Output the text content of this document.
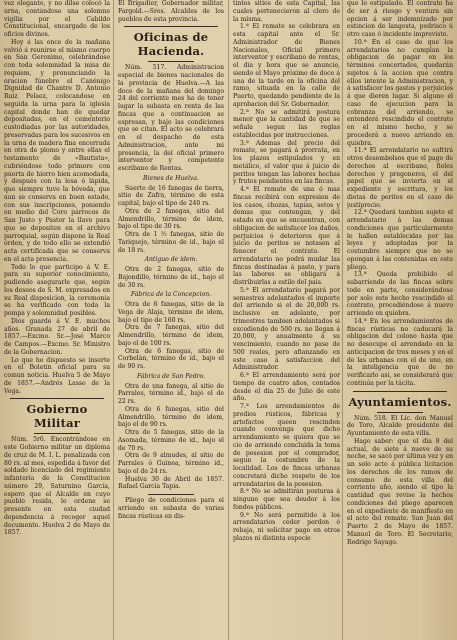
vez elegante, y no dilse colocó la urna, contándose una solemne vigilia por el Cabildo Constitucional, encargado de los oficios divinos.

Hoy á las once de la mañana volvió á reunirse el mismo cuerpo en San Geronimo, celebrándose con toda solemnidad la misa de requiem, y pronunciando la oracion fúnebre el Canónigo Dignidad de Chantre D. Antonio Ruiz Pelaez, colocandose en seguida la urna para la iglesia capital donde han de quedar depositadas, en el cementerio custodiadas por las autoridades, preservadas para los sucesivos en la urna de madera fina encerrada en otra de plomo y entre ellas el testamento de «Bautista», cubriéndose todo primero con puerta de hierro bien acomodada, y después con la losa ó lápida, que siempre tuvo la bóveda, que aun se conserva en buen estado, con sus inscripciones, poniendo en medio del Coro párrocos de San Justo y Pastor la llave para que se depositen en el archivo parroquial, según dispone la Real órden, y de todo ello se extendió acta certificada que se conserva en el acta presencia.

Todo lo que participo á V. E. para su superior conocimiento, pudiendo asegurarle que, según los deseos de S. M. expresados en su Real disposicion, la ceremonia se ha verificado con toda la pompa y solemnidad posibles.

Dios guarde á V. E. muchos años. Granada 27 de abril de 1857.—Excmo. Sr.—José Marco de Campos.—Excmo. Sr. Ministro de la Gobernacion.

Lo que he dispuesto se inserte en el Boletin oficial para su comun noticia. Huelva 5 de Mayo de 1857.—Andrés Lasso de la Vega.

Gobierno Militar

Núm. 5r6. Encontrándose en este Gobierno militar un diploma de cruz de M. I. L. penalizada con 80 rs. al mes, espedida á favor del soldado licenciado del regimiento infantería de la Constitucion número 29, Saturnino García, espero que el Alcalde en cuyo pueblo resida, le ordene se presente en esta ciudad dependencia á recoger aquel documento. Huelva 2 de Mayo de 1857.

El Brigadier, Gobernador militar, Fargold.—Sres. Alcaldes de los pueblos de esta provincia.

Oficinas de Hacienda.

Núm. 517. Administracion especial de bienes nacionales de la provincia de Huelva.—A las doce de la mañana del domingo 24 del corriente mes ha de tener lugar la subasta en renta de las fincas que a continuacion se espresan, y bajo las condiciones que se citan. El acto se celebrará en el despacho de esta Administracion, ante mi presencia, la del oficial primero interventor y competente escribano de Rentas.

Bienes de Huelva.

Suerte de 16 fanegas de tierra, sitio de Zafra, término de esta capital, bajo el tipo de 240 rs.

Otra de 2 fanegas, sitio del Almendrillo, término de idem, bajo el tipo de 30 rs.

Otra de 1 ½ fanegas, sitio de Tariquejo, término de id., bajo el de 18 rs.

Antiguo de idem.

Otra de 2 fanegas, sitio de Bajondillo, término de id., bajo el de 30 rs.

Fábrica de la Concepcion.

Otra de 6 fanegas, sitio de la Vega de Alaja, término de idem, bajo el tipo de 160 rs.

Otra de 7 fanegas, sitio del Almendrillo, término de idem, bajo el de 100 rs.

Otra de 6 fanegas, sitio de Corbelán, término de id., bajo el de 90 rs.

Fábrica de San Pedro.

Otra de una fanega, al sitio de Parrales, término id., bajo el de 22 rs.

Otra de 6 fanegas, sitio del Almendrillo, término de idem, bajo el de 90 rs.

Otra de 5 fanegas, sitio de la Asomada, término de id., bajo el de 70 rs.

Otra de 9 almudes, al sitio de Parrales ó Guinea, término id., bajo el de 24 rs.

Huelva 30 de Abril de 1857. Rafael García Tapia.

Pliego de condiciones para el arriendo en subasta de varias fincas rústicas en dis-

tintos sitios de esta Capital, las cuales pertenecieron al clero de la misma.

1.ª El remate se celebrara en esta capital ante el Sr. Administrador de Bienes Nacionales, Oficial primero interventor y escribano de rentas, el dia y hora que se anuncie, siendo el Mayo próximo de doce á una de la tarde en la oficina del ramo, situada en la calle de Puerto, quedando pendiente de la aprobacion del Sr. Gobernador.

2.ª No se admitirá postura menor que la cantidad de que se señala segun las reglas establecidas por instrucciones.

3.ª Ademas del precio del remate, se pagará á prorrata, en los plazos estipulados y en metálico, el valor que á juicio de peritos tengan las labores hechas y frutos pendientes en las fincas.

4.ª El remate de una ó mas fincas recibirá con expresion de los casos, chozas, tapias, setos y demas que contengan, y del estado en que se encuentran, con obligacion de satisfacer los daños, perjuicios ó deterioros que á juicio de peritos se notasen al fenecer el contrato. El arrendatario no podrá mudar las fincas destinadas á pasto, y para las labores se obligará á distribuirlas a estilo del pais.

5.ª El arrendatario pagará por semestres adelantados el importe del arriendo si el de 20,000 rs. inclusive en adelante, por trimestres tambien adelantados si excediendo de 500 rs. no llegan á 20,000, y anualmente á su vencimiento, cuando no pase de 500 reales, pero afianzando en este caso á satisfaccion del Administrador.

6.ª El arrendamiento será por tiempo de cuatro años, contados desde el dia 25 de Julio de este año.

7.ª Los arrendamientos de predios rústicos, fábricas y artefactos queen rescinden cuando convenga que dicho arrendamiento se quiera que se cio de arriendo concluida la toma de posesion por el comprador, segun la costumbre de la localidad. Los de fincas urbanas concretará dicho respeto de los arrendatarios de la posesion.

8.ª No se admitirán posturas á ninguno que sea deudor á los fondos públicos.

9.ª No será permitido á los arrendatarios ceder perdon ó rebaja, ni solicitar pago en otros plazos ni distinta especie

que lo estipulado. El contrato ha de ser á riesgo y ventura sin opcion á ser indemnizado por estincion de langosta, pedrisco ú otro caso ó incidente imprevisto.

10.ª En el caso de que los arrendatarios no cumplan la obligacion de pagar en los términos concertados, quedarán sujetos á la accion que contra ellos intente la Administracion, y á satisfacer los gastos y perjuicios á que dieren lugar. Si alguno el caso de ejecucion para la cobranza del arriendo, se entenderá rescindido el contrato en el mismo hecho, y se procederá a nuevo arriendo en quiebra.

11.ª El arrendatario no sufrirá otros desembolsos que el pago de derechos al escribano, fieles derechos y pregoneros, el del papel que se invierta en el expediente y escritura, y los dietas de peritos en el caso de justiprecio.

12.ª Quedará tambien sujeto el arrendatario á las demas condiciones que particularmente le hallen establecidas por las leyes y adoptadas por la costumbre siempre que no se opongan á las contenidas en este pliego.

13.ª Queda prohibido el subarriendo de las fincas sobre todo en parte, considerándose por solo este hecho rescindido el contrato, procediéndose á nuevo arriendo en quiebra.

14.ª En los arrendamientos de fincas rústicas no caducará la obligacion del colono hasta que no desocupe el arrendado en la anticipacion de tres meses y en el de las urbanas con el de uno, en la inteligencia que de no verificarlo así, se considerará que continúa por la tácita.

Ayuntamientos.

Núm. 518. El Lic. don Manuel de Toro, Alcalde presidente del Ayuntamiento de esta villa.

Hago saber: que el dia 8 del actual, de siete á nueve de su noche, se sacó por última vez y en un solo acto á pública licitacion los derechos de los ramos de consumo de esta villa del corriente año, siendo el tipo la cantidad que revise la hechos condiciones del pliego aparecen en el expediente de manifiesto en el acto del remate. San Juan del Puerto 2 de Mayo de 1857. Manuel de Toro. El Secretario, Rodrigo Sayago.
